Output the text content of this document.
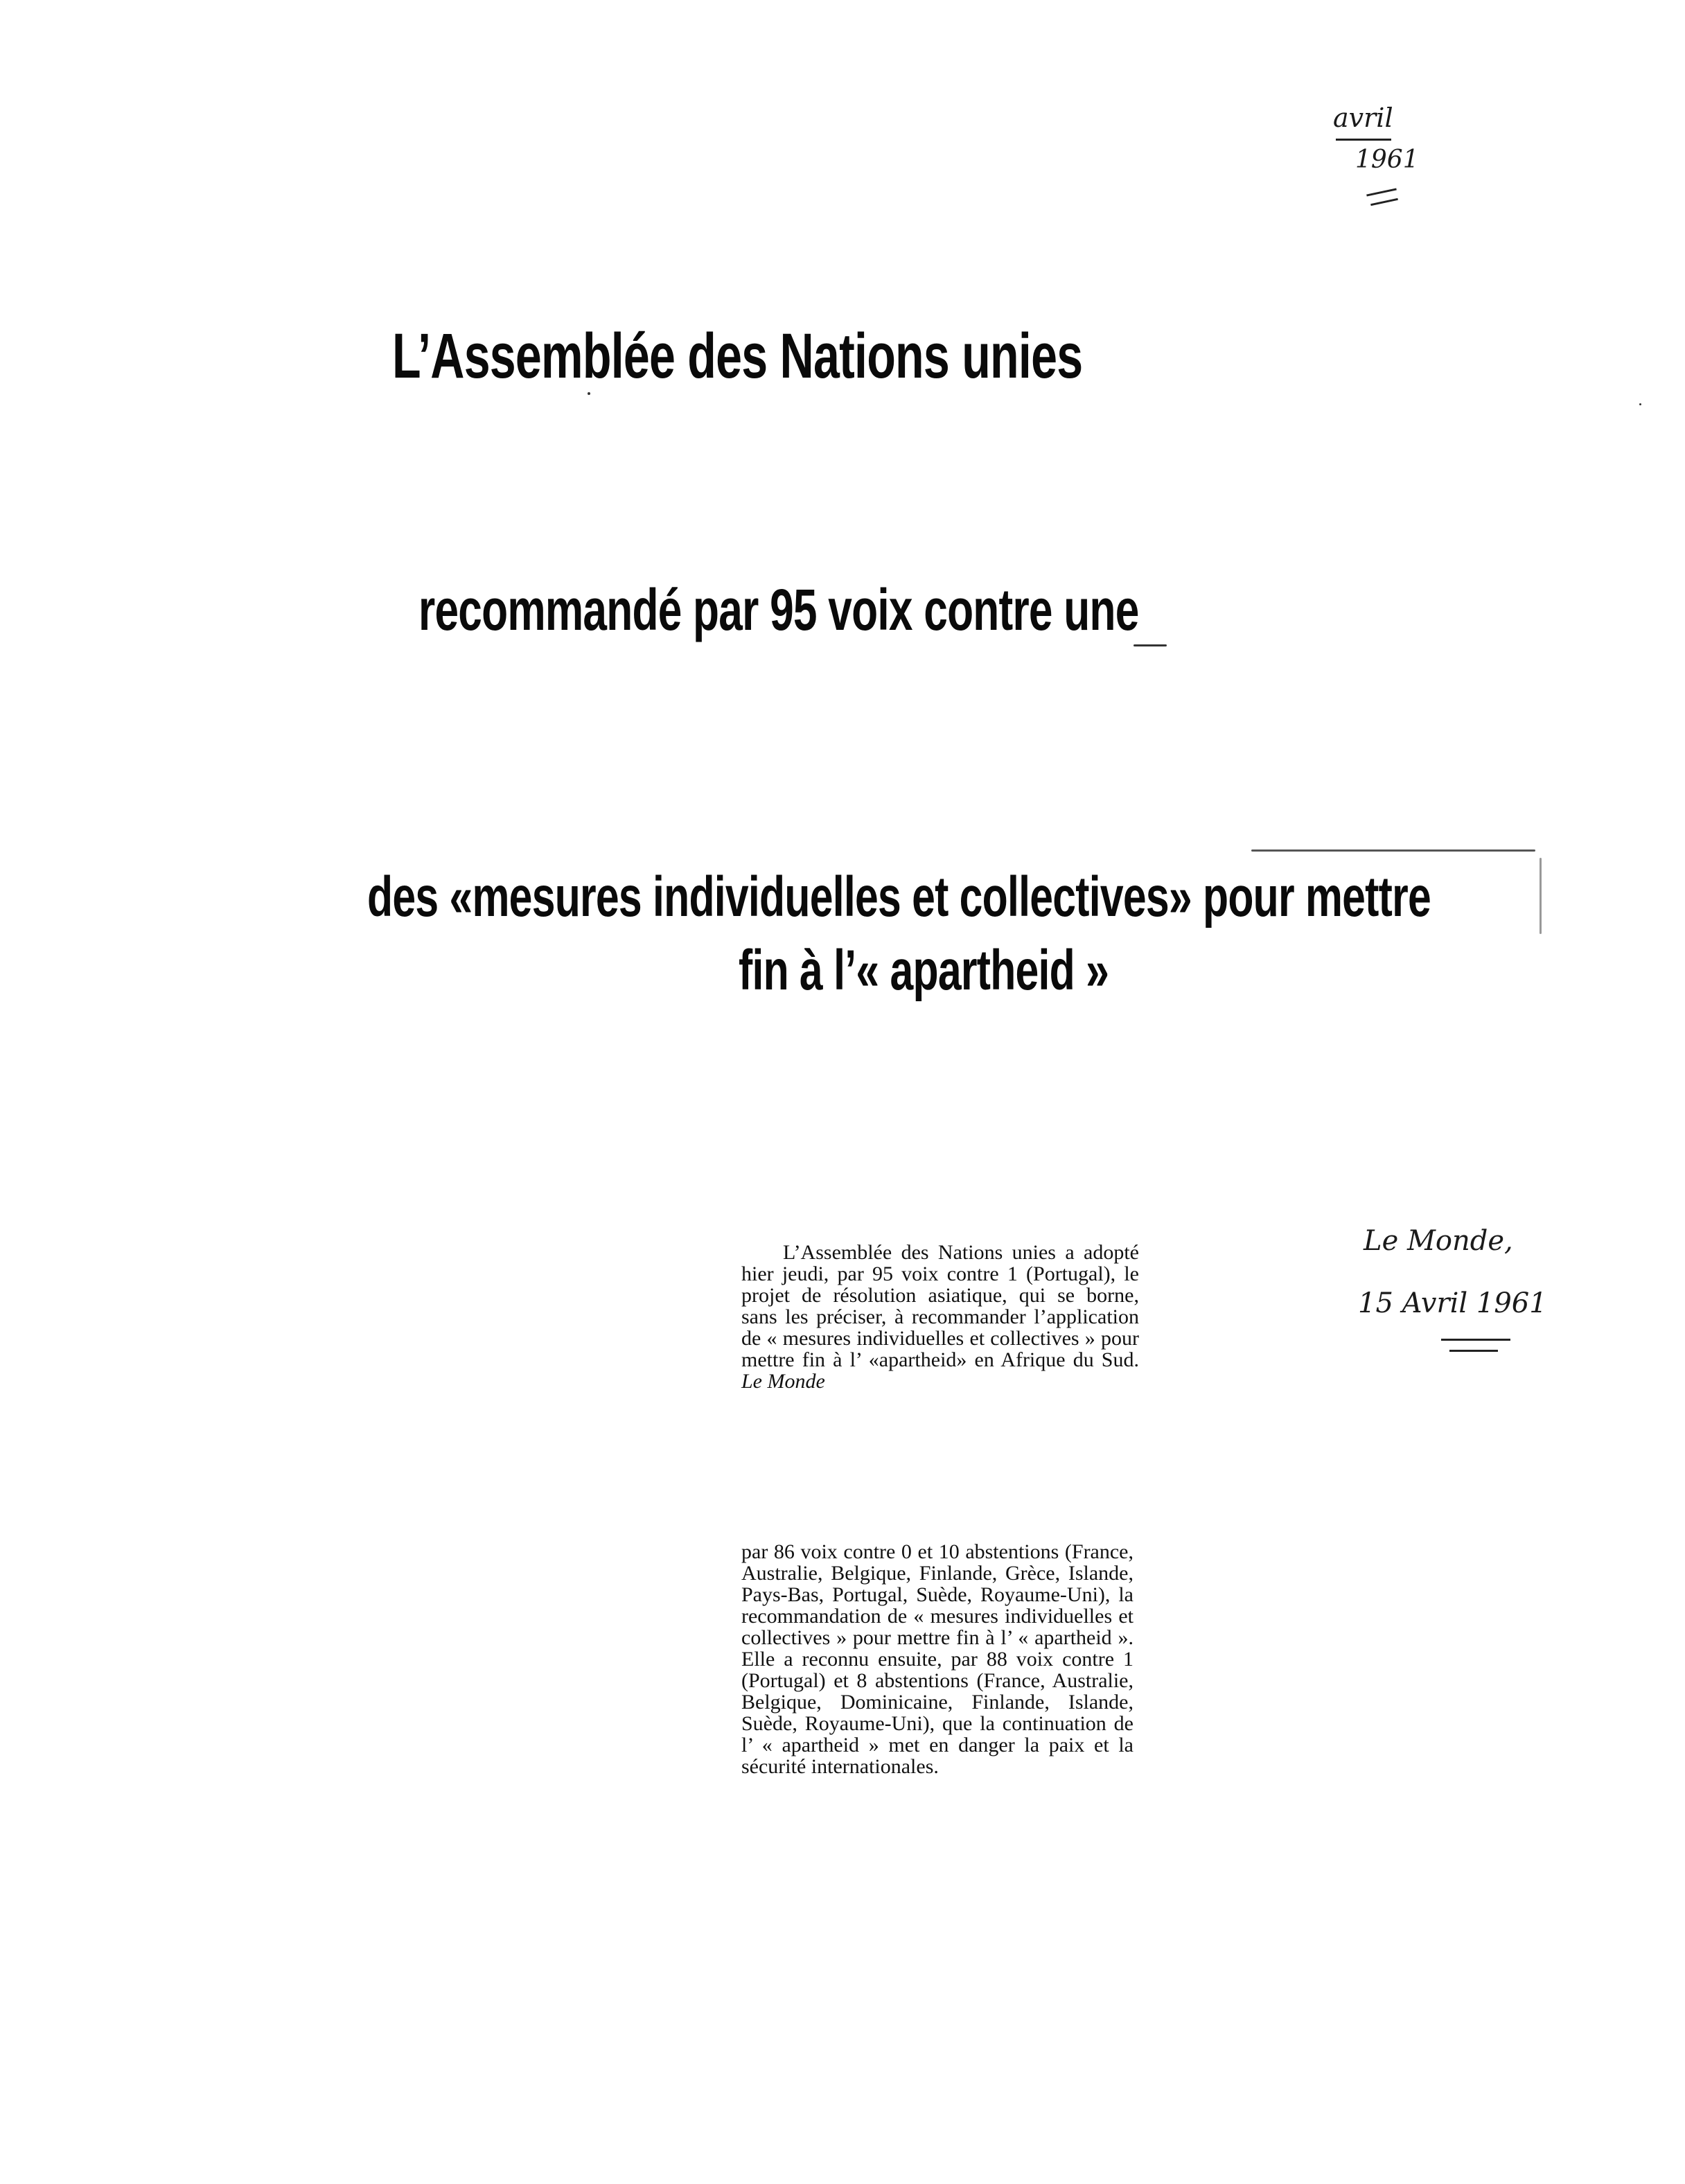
avril
1961
L’Assemblée des Nations unies
recommandé par 95 voix contre une
des «mesures individuelles et collectives» pour mettre
fin à l’« apartheid »
Le Monde,
15 Avril 1961
L’Assemblée des Nations unies a adopté hier jeudi, par 95 voix contre 1 (Portugal), le projet de résolution asiatique, qui se borne, sans les préciser, à recommander l’application de « mesures individuelles et collectives » pour mettre fin à l’ «apartheid» en Afrique du Sud. Le Monde
par 86 voix contre 0 et 10 abstentions (France, Australie, Belgique, Finlande, Grèce, Islande, Pays-Bas, Portugal, Suède, Royaume-Uni), la recommandation de « mesures individuelles et collectives » pour mettre fin à l’ « apartheid ». Elle a reconnu ensuite, par 88 voix contre 1 (Portugal) et 8 abstentions (France, Australie, Belgique, Dominicaine, Finlande, Islande, Suède, Royaume-Uni), que la continuation de l’ « apartheid » met en danger la paix et la sécurité internationales.
